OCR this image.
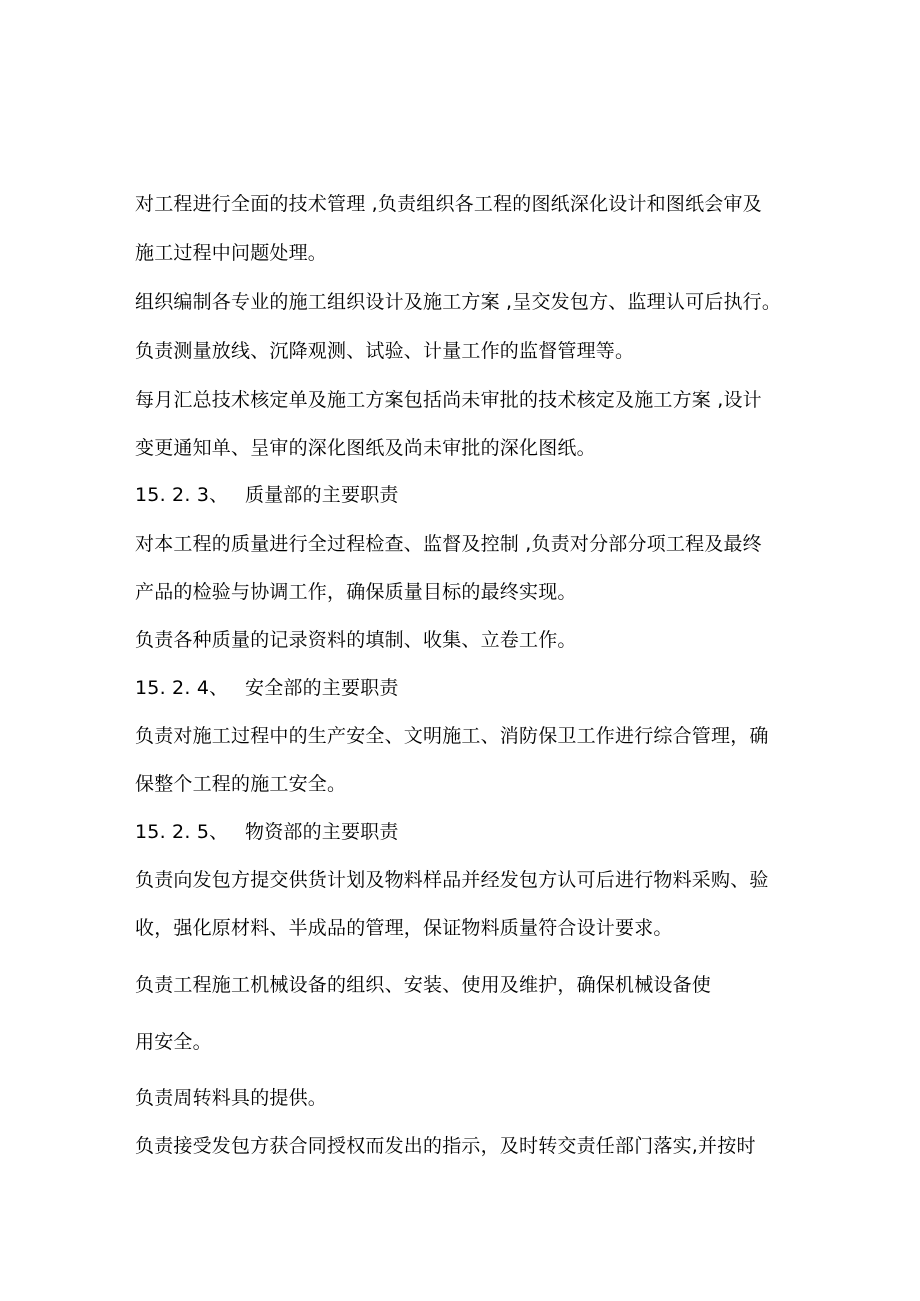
对工程进行全面的技术管理 ,负责组织各工程的图纸深化设计和图纸会审及
施工过程中问题处理。
组织编制各专业的施工组织设计及施工方案 ,呈交发包方、监理认可后执行。
负责测量放线、沉降观测、试验、计量工作的监督管理等。
每月汇总技术核定单及施工方案包括尚未审批的技术核定及施工方案 ,设计
变更通知单、呈审的深化图纸及尚未审批的深化图纸。
15. 2. 3、 质量部的主要职责
对本工程的质量进行全过程检查、监督及控制 ,负责对分部分项工程及最终
产品的检验与协调工作，确保质量目标的最终实现。
负责各种质量的记录资料的填制、收集、立卷工作。
15. 2. 4、 安全部的主要职责
负责对施工过程中的生产安全、文明施工、消防保卫工作进行综合管理，确
保整个工程的施工安全。
15. 2. 5、 物资部的主要职责
负责向发包方提交供货计划及物料样品并经发包方认可后进行物料采购、验
收，强化原材料、半成品的管理，保证物料质量符合设计要求。
负责工程施工机械设备的组织、安装、使用及维护，确保机械设备使
用安全。
负责周转料具的提供。
负责接受发包方获合同授权而发出的指示，及时转交责任部门落实,并按时
